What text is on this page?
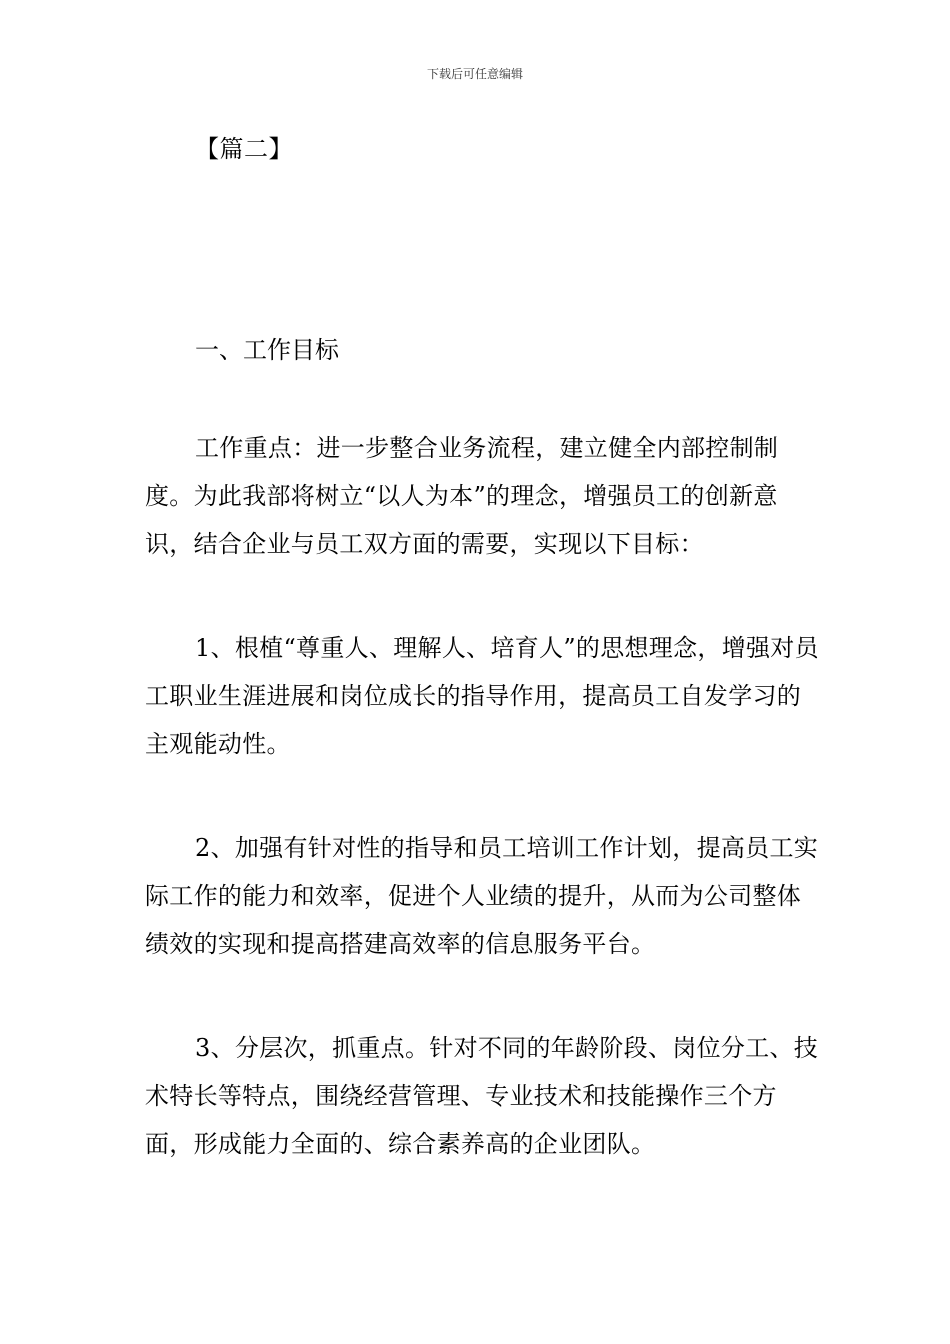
下载后可任意编辑
【篇二】
一、工作目标

工作重点：进一步整合业务流程，建立健全内部控制制度。为此我部将树立“以人为本”的理念，增强员工的创新意识，结合企业与员工双方面的需要，实现以下目标：

1、根植“尊重人、理解人、培育人”的思想理念，增强对员工职业生涯进展和岗位成长的指导作用，提高员工自发学习的主观能动性。

2、加强有针对性的指导和员工培训工作计划，提高员工实际工作的能力和效率，促进个人业绩的提升，从而为公司整体绩效的实现和提高搭建高效率的信息服务平台。

3、分层次，抓重点。针对不同的年龄阶段、岗位分工、技术特长等特点，围绕经营管理、专业技术和技能操作三个方面，形成能力全面的、综合素养高的企业团队。
